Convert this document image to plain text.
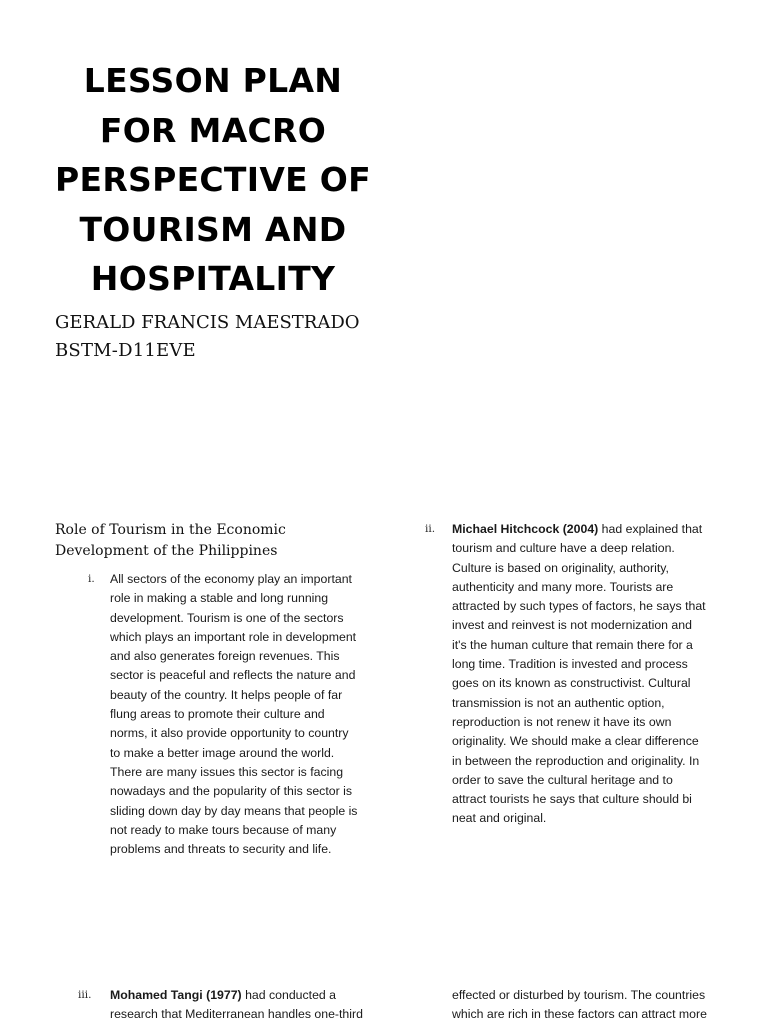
LESSON PLAN
FOR MACRO
PERSPECTIVE OF
TOURISM AND
HOSPITALITY
GERALD FRANCIS MAESTRADO
BSTM-D11EVE
Role of Tourism in the Economic
Development of the Philippines
i. All sectors of the economy play an important
role in making a stable and long running
development. Tourism is one of the sectors
which plays an important role in development
and also generates foreign revenues. This
sector is peaceful and reflects the nature and
beauty of the country. It helps people of far
flung areas to promote their culture and
norms, it also provide opportunity to country
to make a better image around the world.
There are many issues this sector is facing
nowadays and the popularity of this sector is
sliding down day by day means that people is
not ready to make tours because of many
problems and threats to security and life.
ii. Michael Hitchcock (2004) had explained that
tourism and culture have a deep relation.
Culture is based on originality, authority,
authenticity and many more. Tourists are
attracted by such types of factors, he says that
invest and reinvest is not modernization and
it's the human culture that remain there for a
long time. Tradition is invested and process
goes on its known as constructivist. Cultural
transmission is not an authentic option,
reproduction is not renew it have its own
originality. We should make a clear difference
in between the reproduction and originality. In
order to save the cultural heritage and to
attract tourists he says that culture should bi
neat and original.
iii. Mohamed Tangi (1977) had conducted a
research that Mediterranean handles one-third
effected or disturbed by tourism. The countries
which are rich in these factors can attract more
